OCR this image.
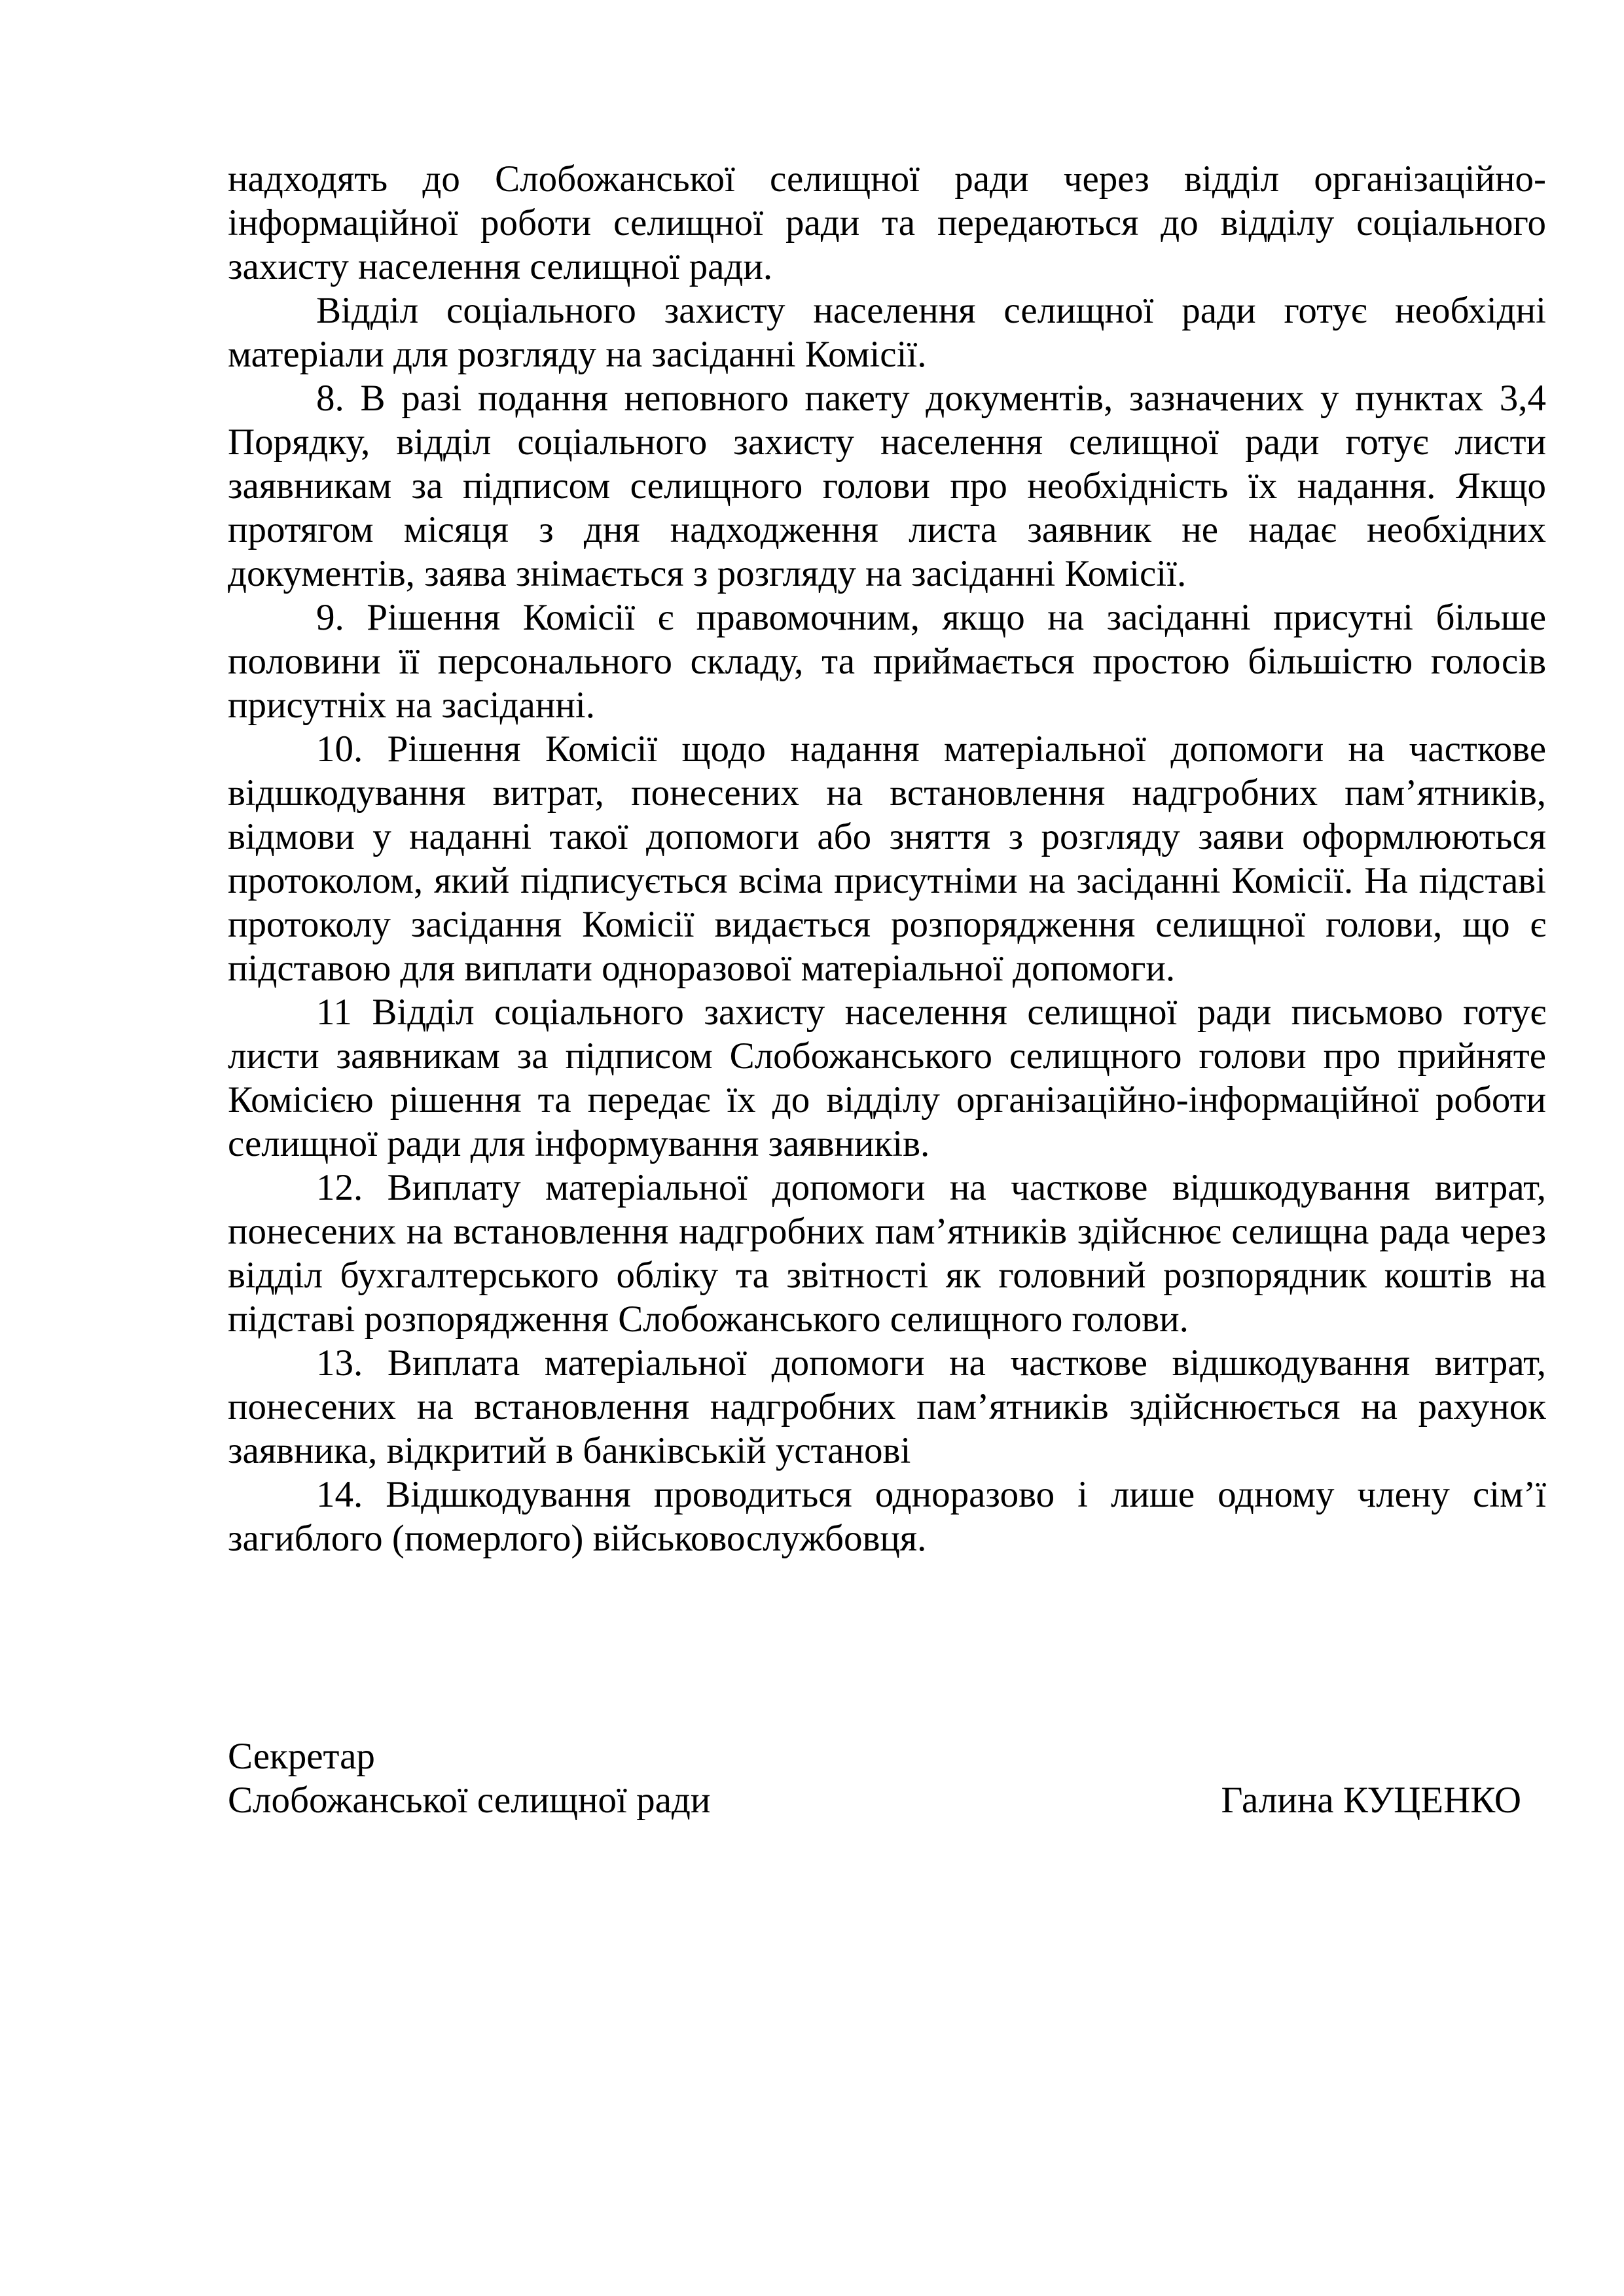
надходять до Слобожанської селищної ради через відділ організаційно-інформаційної роботи селищної ради та передаються до відділу соціального захисту населення селищної ради.

Відділ соціального захисту населення селищної ради готує необхідні матеріали для розгляду на засіданні Комісії.

8. В разі подання неповного пакету документів, зазначених у пунктах 3,4 Порядку, відділ соціального захисту населення селищної ради готує листи заявникам за підписом селищного голови про необхідність їх надання. Якщо протягом місяця з дня надходження листа заявник не надає необхідних документів, заява знімається з розгляду на засіданні Комісії.

9. Рішення Комісії є правомочним, якщо на засіданні присутні більше половини її персонального складу, та приймається простою більшістю голосів присутніх на засіданні.

10. Рішення Комісії щодо надання матеріальної допомоги на часткове відшкодування витрат, понесених на встановлення надгробних пам’ятників, відмови у наданні такої допомоги або зняття з розгляду заяви оформлюються протоколом, який підписується всіма присутніми на засіданні Комісії. На підставі протоколу засідання Комісії видається розпорядження селищної голови, що є підставою для виплати одноразової матеріальної допомоги.

11 Відділ соціального захисту населення селищної ради письмово готує листи заявникам за підписом Слобожанського селищного голови про прийняте Комісією рішення та передає їх до відділу організаційно-інформаційної роботи селищної ради для інформування заявників.

12. Виплату матеріальної допомоги на часткове відшкодування витрат, понесених на встановлення надгробних пам’ятників здійснює селищна рада через відділ бухгалтерського обліку та звітності як головний розпорядник коштів на підставі розпорядження Слобожанського селищного голови.

13. Виплата матеріальної допомоги на часткове відшкодування витрат, понесених на встановлення надгробних пам’ятників здійснюється на рахунок заявника, відкритий в банківській установі

14. Відшкодування проводиться одноразово і лише одному члену сім’ї загиблого (померлого) військовослужбовця.

Секретар
Слобожанської селищної ради	Галина КУЦЕНКО
